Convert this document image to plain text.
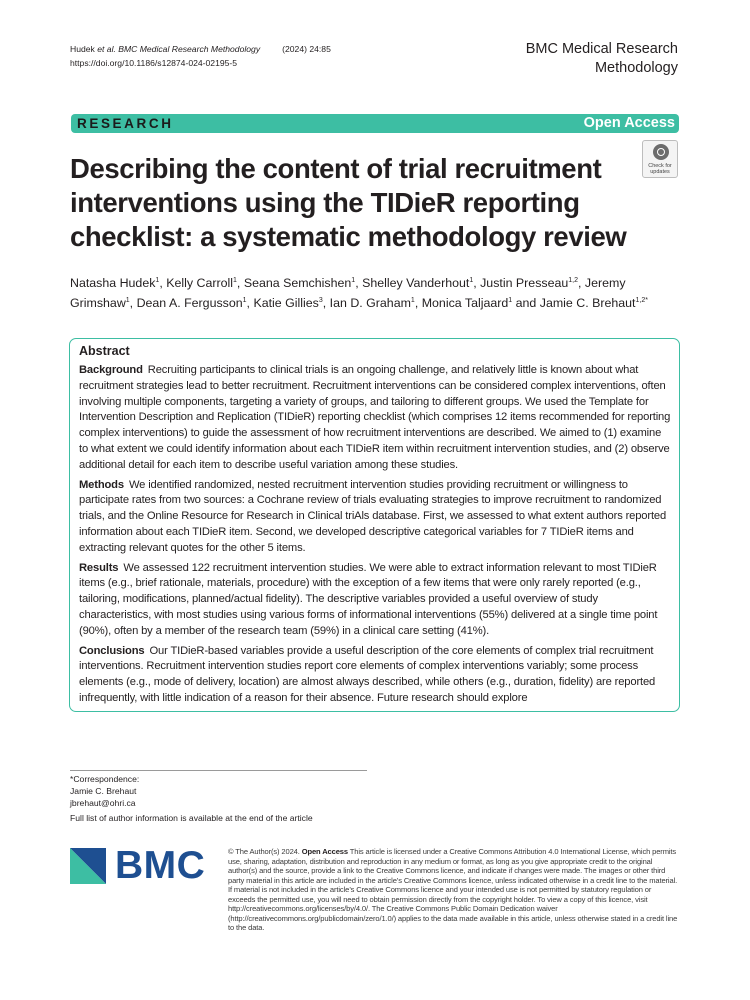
Hudek et al. BMC Medical Research Methodology	(2024) 24:85
https://doi.org/10.1186/s12874-024-02195-5
BMC Medical Research
Methodology
RESEARCH	Open Access
Describing the content of trial recruitment interventions using the TIDieR reporting checklist: a systematic methodology review
Check for
updates
Natasha Hudek$^1$, Kelly Carroll$^1$, Seana Semchishen$^1$, Shelley Vanderhout$^1$, Justin Presseau$^{1,2}$, Jeremy Grimshaw$^1$, Dean A. Fergusson$^1$, Katie Gillies$^3$, Ian D. Graham$^1$, Monica Taljaard$^1$ and Jamie C. Brehaut$^{1,2*}$
Abstract

Background Recruiting participants to clinical trials is an ongoing challenge, and relatively little is known about what recruitment strategies lead to better recruitment. Recruitment interventions can be considered complex interventions, often involving multiple components, targeting a variety of groups, and tailoring to different groups. We used the Template for Intervention Description and Replication (TIDieR) reporting checklist (which comprises 12 items recommended for reporting complex interventions) to guide the assessment of how recruitment interventions are described. We aimed to (1) examine to what extent we could identify information about each TIDieR item within recruitment intervention studies, and (2) observe additional detail for each item to describe useful variation among these studies.

Methods We identified randomized, nested recruitment intervention studies providing recruitment or willingness to participate rates from two sources: a Cochrane review of trials evaluating strategies to improve recruitment to randomized trials, and the Online Resource for Research in Clinical triAls database. First, we assessed to what extent authors reported information about each TIDieR item. Second, we developed descriptive categorical variables for 7 TIDieR items and extracting relevant quotes for the other 5 items.

Results We assessed 122 recruitment intervention studies. We were able to extract information relevant to most TIDieR items (e.g., brief rationale, materials, procedure) with the exception of a few items that were only rarely reported (e.g., tailoring, modifications, planned/actual fidelity). The descriptive variables provided a useful overview of study characteristics, with most studies using various forms of informational interventions (55%) delivered at a single time point (90%), often by a member of the research team (59%) in a clinical care setting (41%).

Conclusions Our TIDieR-based variables provide a useful description of the core elements of complex trial recruitment interventions. Recruitment intervention studies report core elements of complex interventions variably; some process elements (e.g., mode of delivery, location) are almost always described, while others (e.g., duration, fidelity) are reported infrequently, with little indication of a reason for their absence. Future research should explore

*Correspondence:
Jamie C. Brehaut
jbrehaut@ohri.ca
Full list of author information is available at the end of the article
BMC	© The Author(s) 2024. Open Access This article is licensed under a Creative Commons Attribution 4.0 International License, which permits use, sharing, adaptation, distribution and reproduction in any medium or format, as long as you give appropriate credit to the original author(s) and the source, provide a link to the Creative Commons licence, and indicate if changes were made. The images or other third party material in this article are included in the article’s Creative Commons licence, unless indicated otherwise in a credit line to the material. If material is not included in the article’s Creative Commons licence and your intended use is not permitted by statutory regulation or exceeds the permitted use, you will need to obtain permission directly from the copyright holder. To view a copy of this licence, visit http://creativecommons.org/licenses/by/4.0/. The Creative Commons Public Domain Dedication waiver (http://creativecommons.org/publicdomain/zero/1.0/) applies to the data made available in this article, unless otherwise stated in a credit line to the data.
